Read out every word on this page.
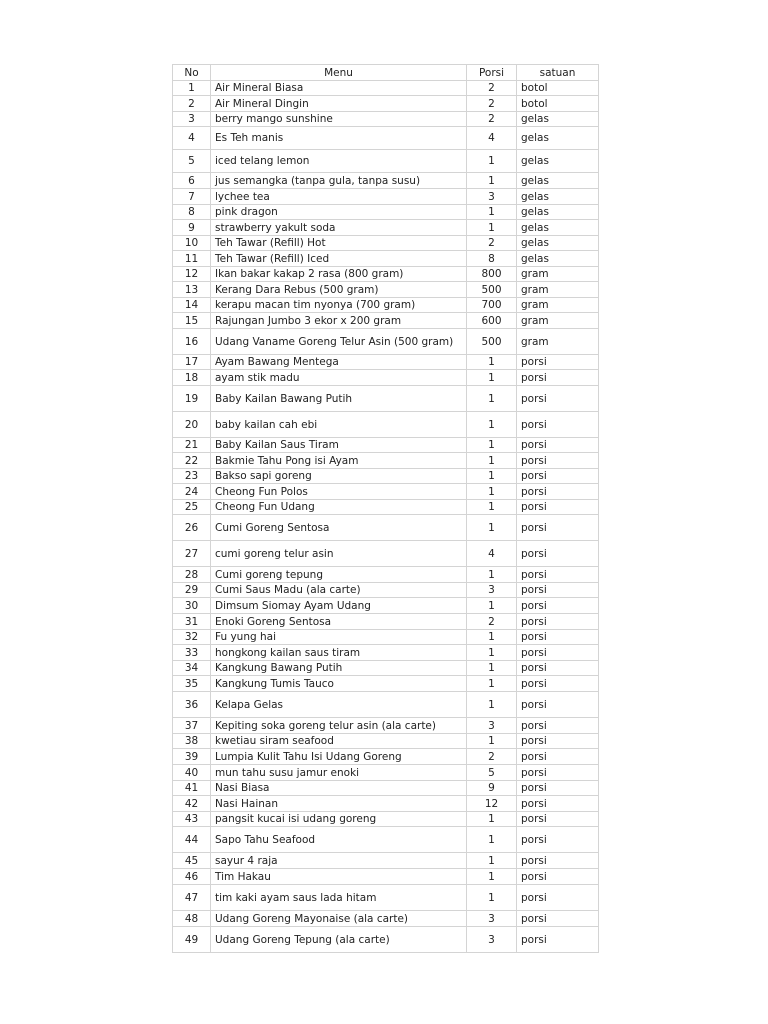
No	Menu	Porsi	satuan
1	Air Mineral Biasa	2	botol
2	Air Mineral Dingin	2	botol
3	berry mango sunshine	2	gelas
4	Es Teh manis	4	gelas
5	iced telang lemon	1	gelas
6	jus semangka (tanpa gula, tanpa susu)	1	gelas
7	lychee tea	3	gelas
8	pink dragon	1	gelas
9	strawberry yakult soda	1	gelas
10	Teh Tawar (Refill) Hot	2	gelas
11	Teh Tawar (Refill) Iced	8	gelas
12	Ikan bakar kakap 2 rasa (800 gram)	800	gram
13	Kerang Dara Rebus (500 gram)	500	gram
14	kerapu macan tim nyonya (700 gram)	700	gram
15	Rajungan Jumbo 3 ekor x 200 gram	600	gram
16	Udang Vaname Goreng Telur Asin (500 gram)	500	gram
17	Ayam Bawang Mentega	1	porsi
18	ayam stik madu	1	porsi
19	Baby Kailan Bawang Putih	1	porsi
20	baby kailan cah ebi	1	porsi
21	Baby Kailan Saus Tiram	1	porsi
22	Bakmie Tahu Pong isi Ayam	1	porsi
23	Bakso sapi goreng	1	porsi
24	Cheong Fun Polos	1	porsi
25	Cheong Fun Udang	1	porsi
26	Cumi Goreng Sentosa	1	porsi
27	cumi goreng telur asin	4	porsi
28	Cumi goreng tepung	1	porsi
29	Cumi Saus Madu (ala carte)	3	porsi
30	Dimsum Siomay Ayam Udang	1	porsi
31	Enoki Goreng Sentosa	2	porsi
32	Fu yung hai	1	porsi
33	hongkong kailan saus tiram	1	porsi
34	Kangkung Bawang Putih	1	porsi
35	Kangkung Tumis Tauco	1	porsi
36	Kelapa Gelas	1	porsi
37	Kepiting soka goreng telur asin (ala carte)	3	porsi
38	kwetiau siram seafood	1	porsi
39	Lumpia Kulit Tahu Isi Udang Goreng	2	porsi
40	mun tahu susu jamur enoki	5	porsi
41	Nasi Biasa	9	porsi
42	Nasi Hainan	12	porsi
43	pangsit kucai isi udang goreng	1	porsi
44	Sapo Tahu Seafood	1	porsi
45	sayur 4 raja	1	porsi
46	Tim Hakau	1	porsi
47	tim kaki ayam saus lada hitam	1	porsi
48	Udang Goreng Mayonaise (ala carte)	3	porsi
49	Udang Goreng Tepung (ala carte)	3	porsi
